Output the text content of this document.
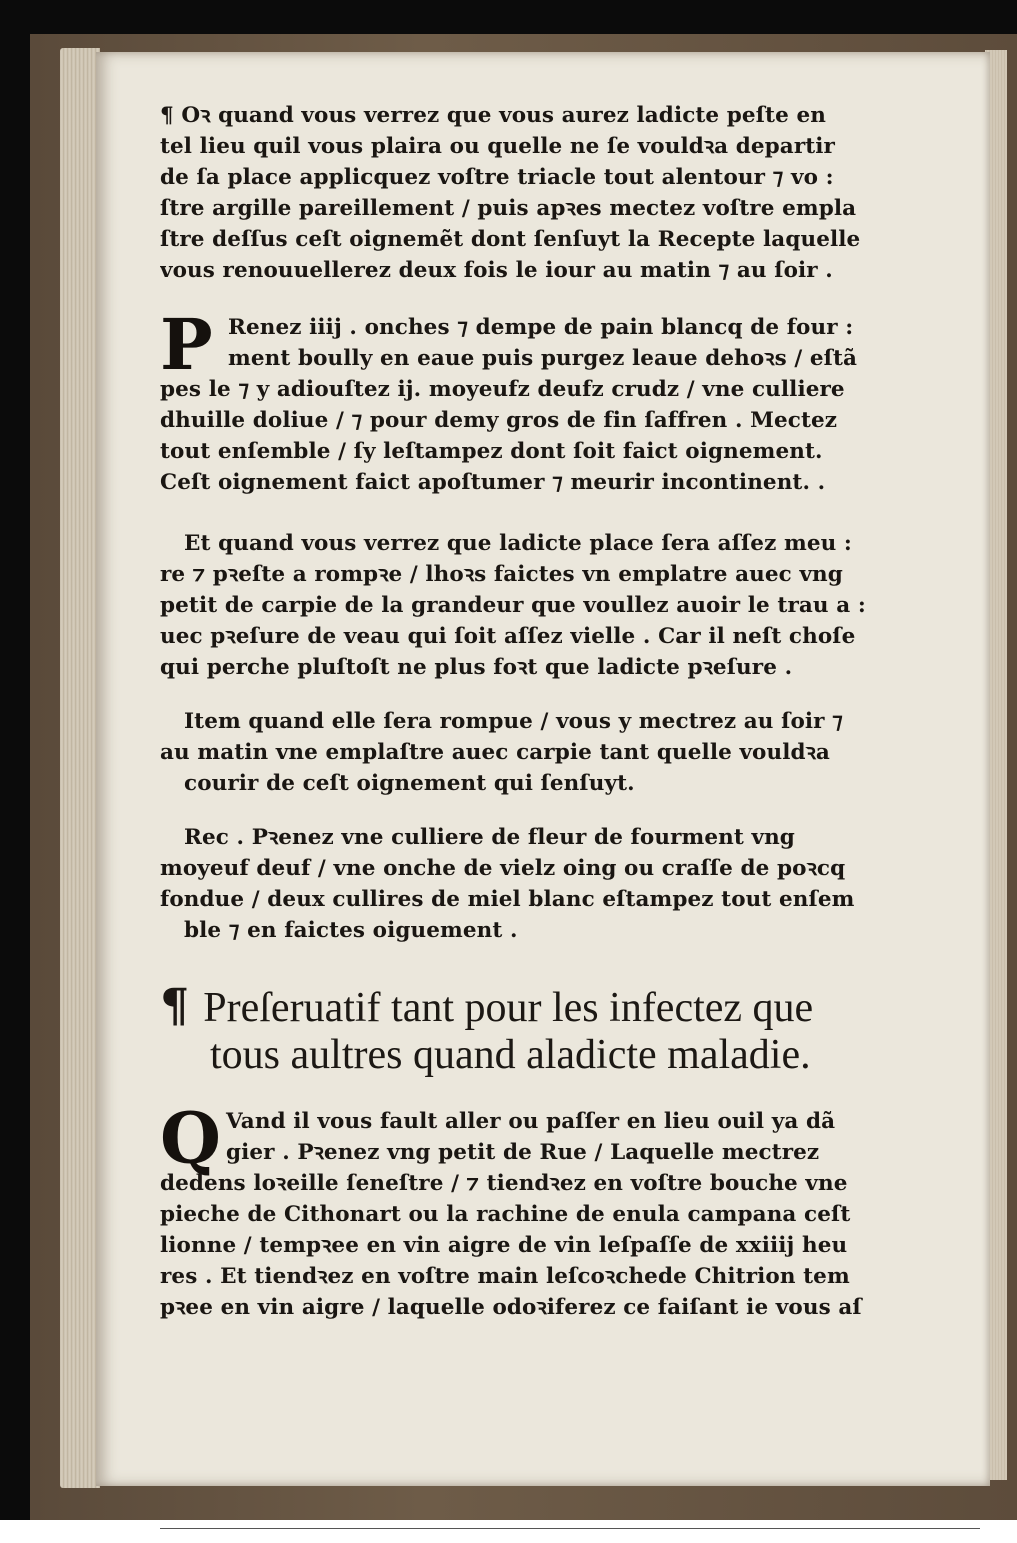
¶ Oꝛ quand vous verrez que vous aurez ladicte peſte en
tel lieu quil vous plaira ou quelle ne ſe vouldꝛa departir
de ſa place applicquez voſtre triacle tout alentour ⁊ vo :
ſtre argille pareillement / puis apꝛes mectez voſtre empla
ſtre deſſus ceſt oignemẽt dont ſenſuyt la Recepte laquelle
vous renouuellerez deux fois le iour au matin ⁊ au ſoir .
P Renez iiij . onches ⁊ dempe de pain blancq de four :
ment boully en eaue puis purgez leaue dehoꝛs / eſtã
pes le ⁊ y adiouſtez ij. moyeufz deufz crudz / vne culliere
dhuille doliue / ⁊ pour demy gros de fin ſaffren . Mectez
tout enſemble / ſy leſtampez dont ſoit faict oignement.
Ceſt oignement faict apoſtumer ⁊ meurir incontinent. .
Et quand vous verrez que ladicte place ſera aſſez meu :
re ⁊ pꝛeſte a rompꝛe / lhoꝛs faictes vn emplatre auec vng
petit de carpie de la grandeur que voullez auoir le trau a :
uec pꝛeſure de veau qui ſoit aſſez vielle . Car il neſt choſe
qui perche pluſtoſt ne plus foꝛt que ladicte pꝛeſure .
Item quand elle ſera rompue / vous y mectrez au ſoir ⁊
au matin vne emplaſtre auec carpie tant quelle vouldꝛa
courir de ceſt oignement qui ſenſuyt.
Rec . Pꝛenez vne culliere de fleur de fourment vng
moyeuf deuf / vne onche de vielz oing ou craſſe de poꝛcq
fondue / deux cullires de miel blanc eſtampez tout enſem
ble ⁊ en faictes oiguement .
¶ Preſeruatif tant pour les infectez que
tous aultres quand aladicte maladie.
Q Vand il vous fault aller ou paſſer en lieu ouil ya dã
gier . Pꝛenez vng petit de Rue / Laquelle mectrez
dedens loꝛeille ſeneſtre / ⁊ tiendꝛez en voſtre bouche vne
pieche de Cithonart ou la rachine de enula campana ceſt
lionne / tempꝛee en vin aigre de vin leſpaſſe de xxiiij heu
res . Et tiendꝛez en voſtre main leſcoꝛchede Chitrion tem
pꝛee en vin aigre / laquelle odoꝛiferez ce faiſant ie vous aſ
